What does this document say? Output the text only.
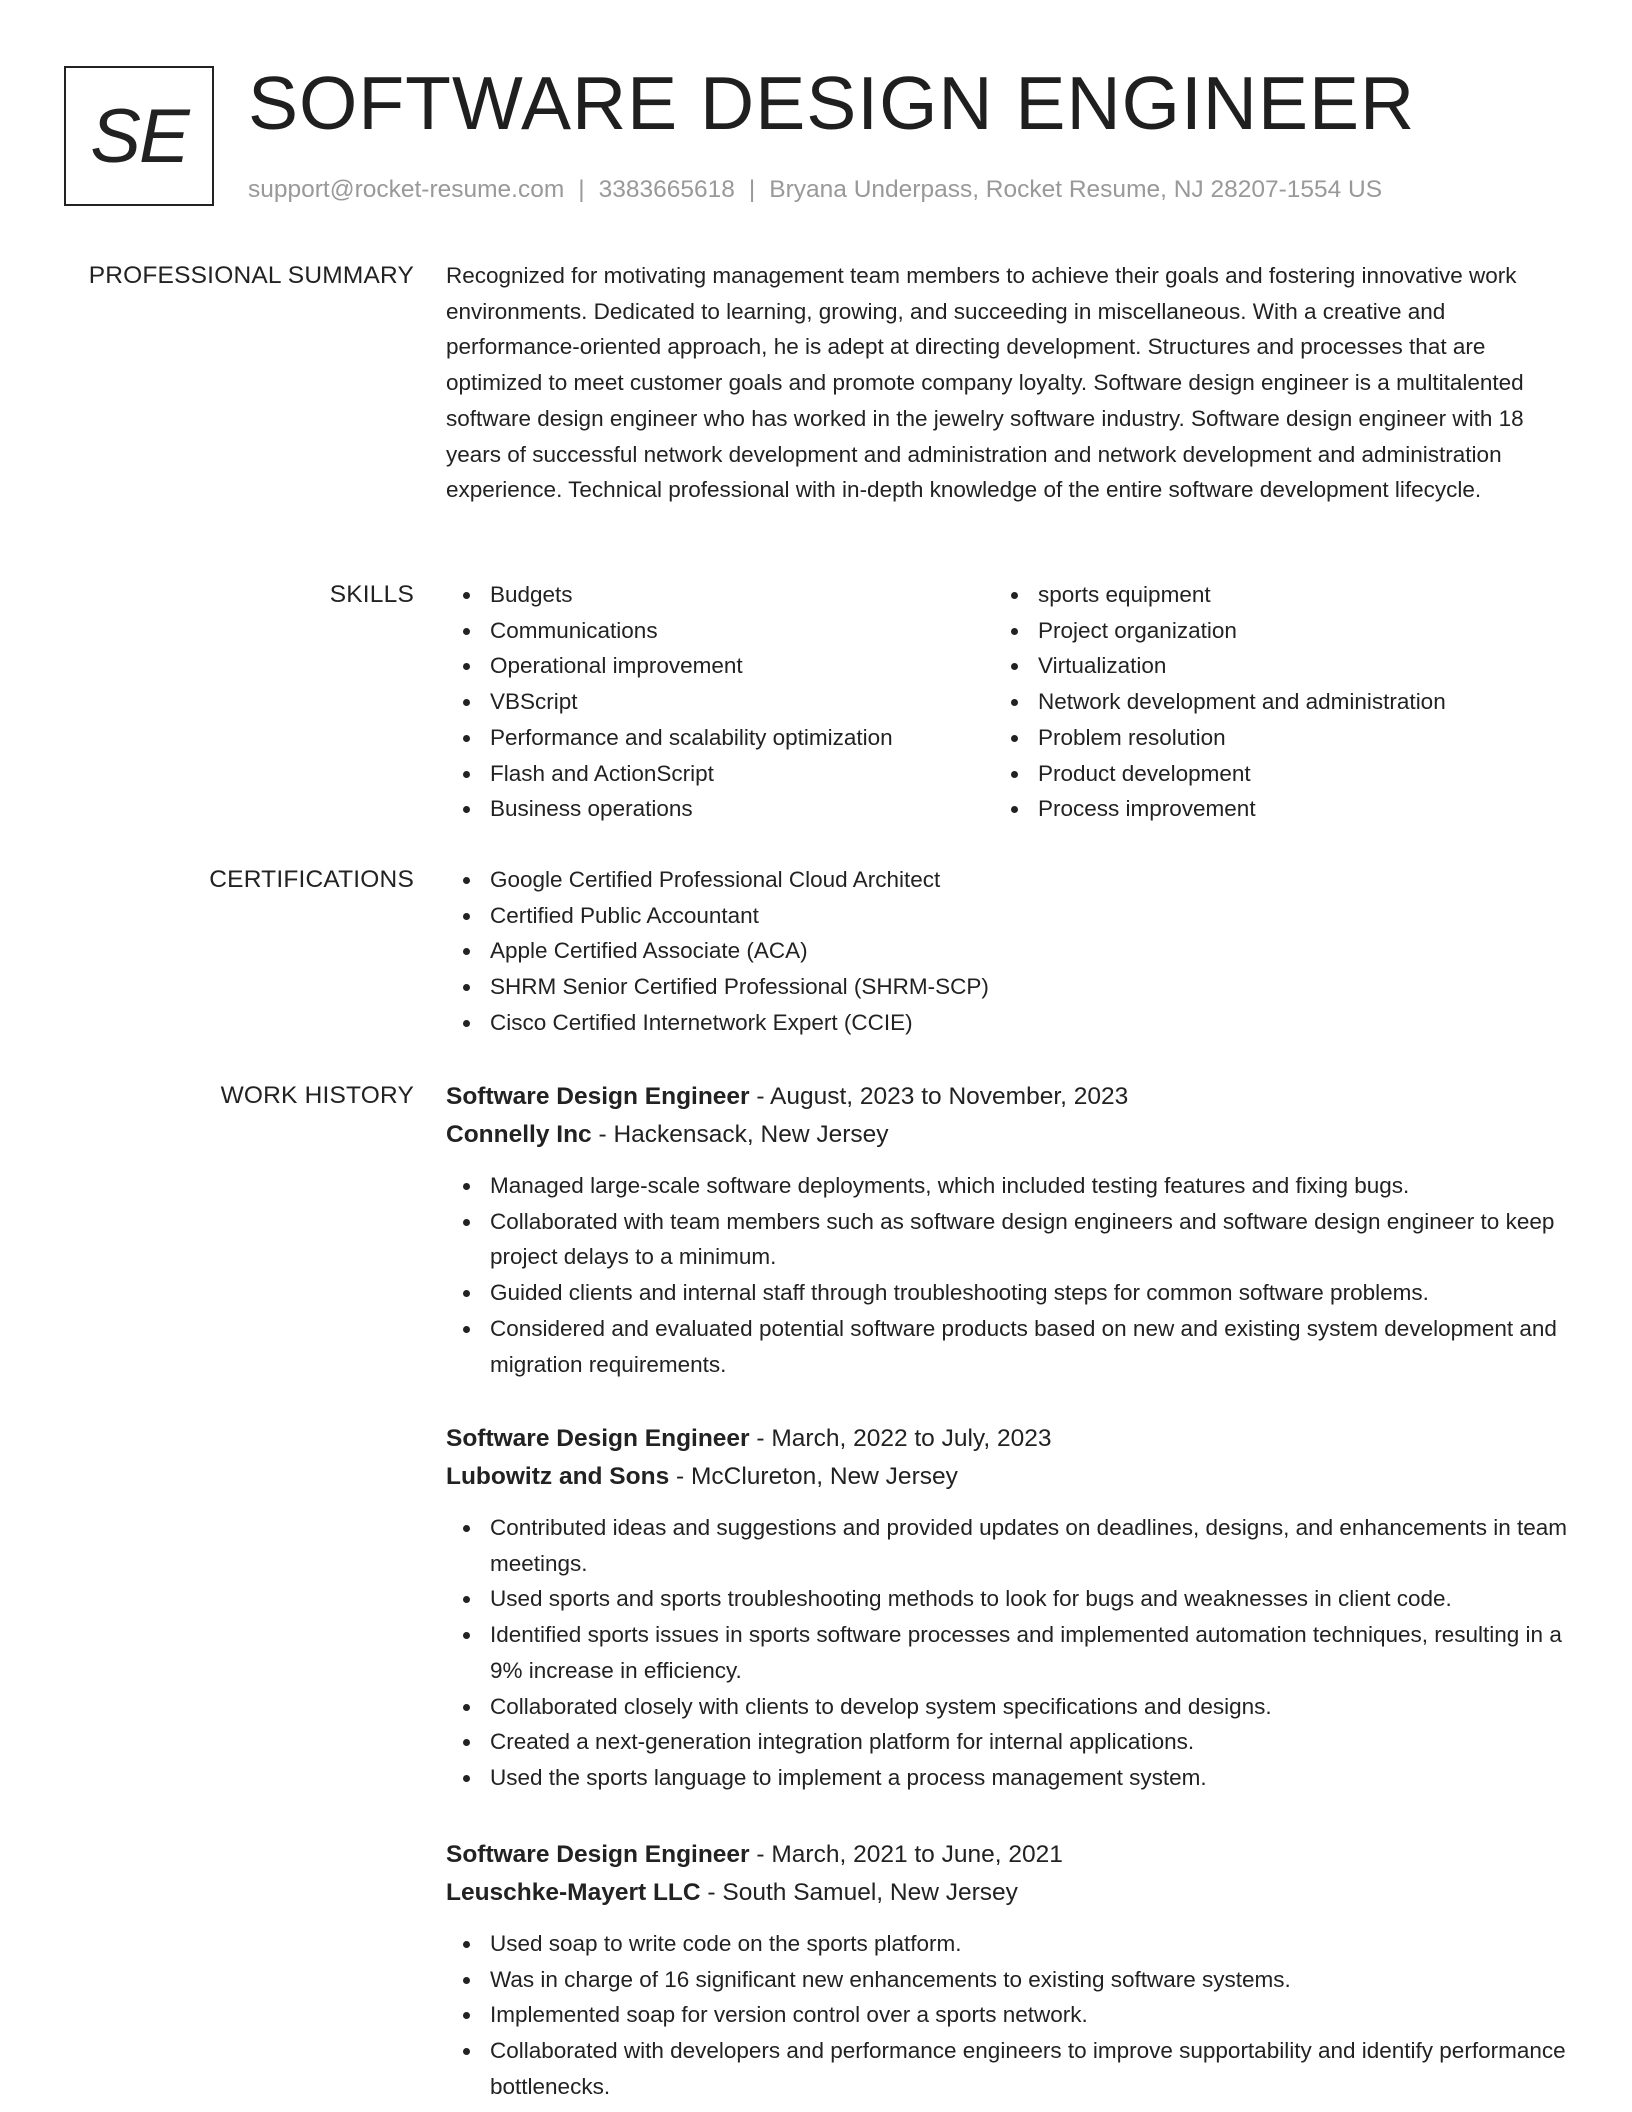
SE SOFTWARE DESIGN ENGINEER
support@rocket-resume.com | 3383665618 | Bryana Underpass, Rocket Resume, NJ 28207-1554 US
PROFESSIONAL SUMMARY Recognized for motivating management team members to achieve their goals and fostering innovative work environments. Dedicated to learning, growing, and succeeding in miscellaneous. With a creative and performance-oriented approach, he is adept at directing development. Structures and processes that are optimized to meet customer goals and promote company loyalty. Software design engineer is a multitalented software design engineer who has worked in the jewelry software industry. Software design engineer with 18 years of successful network development and administration and network development and administration experience. Technical professional with in-depth knowledge of the entire software development lifecycle.

SKILLS	Budgets
Communications
Operational improvement
VBScript
Performance and scalability optimization
Flash and ActionScript
Business operations
sports equipment
Project organization
Virtualization
Network development and administration
Problem resolution
Product development
Process improvement
CERTIFICATIONS	Google Certified Professional Cloud Architect
Certified Public Accountant
Apple Certified Associate (ACA)
SHRM Senior Certified Professional (SHRM-SCP)
Cisco Certified Internetwork Expert (CCIE)
WORK HISTORY Software Design Engineer - August, 2023 to November, 2023
Connelly Inc - Hackensack, New Jersey
Managed large-scale software deployments, which included testing features and fixing bugs.
Collaborated with team members such as software design engineers and software design engineer to keep project delays to a minimum.
Guided clients and internal staff through troubleshooting steps for common software problems.
Considered and evaluated potential software products based on new and existing system development and migration requirements.
Software Design Engineer - March, 2022 to July, 2023
Lubowitz and Sons - McClureton, New Jersey
Contributed ideas and suggestions and provided updates on deadlines, designs, and enhancements in team meetings.
Used sports and sports troubleshooting methods to look for bugs and weaknesses in client code.
Identified sports issues in sports software processes and implemented automation techniques, resulting in a 9% increase in efficiency.
Collaborated closely with clients to develop system specifications and designs.
Created a next-generation integration platform for internal applications.
Used the sports language to implement a process management system.
Software Design Engineer - March, 2021 to June, 2021
Leuschke-Mayert LLC - South Samuel, New Jersey
Used soap to write code on the sports platform.
Was in charge of 16 significant new enhancements to existing software systems.
Implemented soap for version control over a sports network.
Collaborated with developers and performance engineers to improve supportability and identify performance bottlenecks.
